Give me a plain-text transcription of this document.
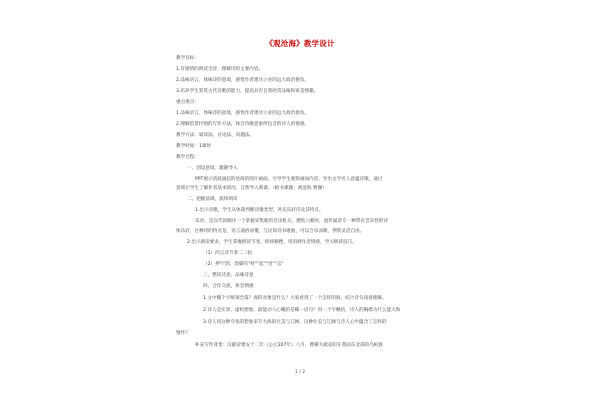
《观沧海》教学设计
教学目标：
1.有感情的朗读全诗，理解诗的主要内容。
2.品味语言，体味诗的意境，感悟作者建功立业的远大政治抱负。
3.培养学生鉴赏古代诗歌的能力，提高具有自我欣赏品味和审美情趣。
重点难点：
1.品味语言，体味诗的意境，感悟作者建功立业的远大政治抱负。
2.理解借景抒情的写作方法，体会诗歌意象所包含的诗人的情感。
教学方法：诵读法、讨论法、问题法。
教学时间：1课时
教学过程：
一、创设意境，激趣导入
PPT展示清波涌起的沧海的图片画面，引导学生观察画面内容，导出文学名人意蕴诗歌，通过
意境让学生了解作者基本情况，自然导入新课。（板书课题：观沧海 曹操）
二、把握基调，演绎朗读
1.出示诗歌，学生从体裁判断诗歌类型，补充乐府诗及其特点。
乐府，是汉代的顺序一个掌握采集歌的音乐机关，搜集六朝时，流传诵读专一种带有音乐性的诗
体乐府，这种诗的特点是，语言通俗易懂，与民间诗书歌曲，可以合乐而歌，押韵灵活自由。
2.出示朗读要求，学生掌握朗读节奏，抑扬顿挫，用语调作者情感，学习朗读技巧。
（1）四言诗节奏二二拍
（2）押"i"韵，韵脚有"峙""起""里""志"
三、整读诗意，品味诗意
四、合作交流，体会情感
1.文中哪个字统领全篇？观的对象是什么？大家看到了一个怎样的海，结合诗句谈谈理解。
2.诗人是实景，虚构想象，最能动人心魄的是哪一语句？用一个字概括，诗人的胸襟为什么能大和
3.诗人用这种夸张的想象来写大海的壮美与辽阔，这种壮美与辽阔与诗人心中蕴含了怎样的
情怀？
补充写作背景：汉献帝建安十二年（公元207年）八月，曹操大破袁绍在我国东北部的乌桓族
1 / 2
